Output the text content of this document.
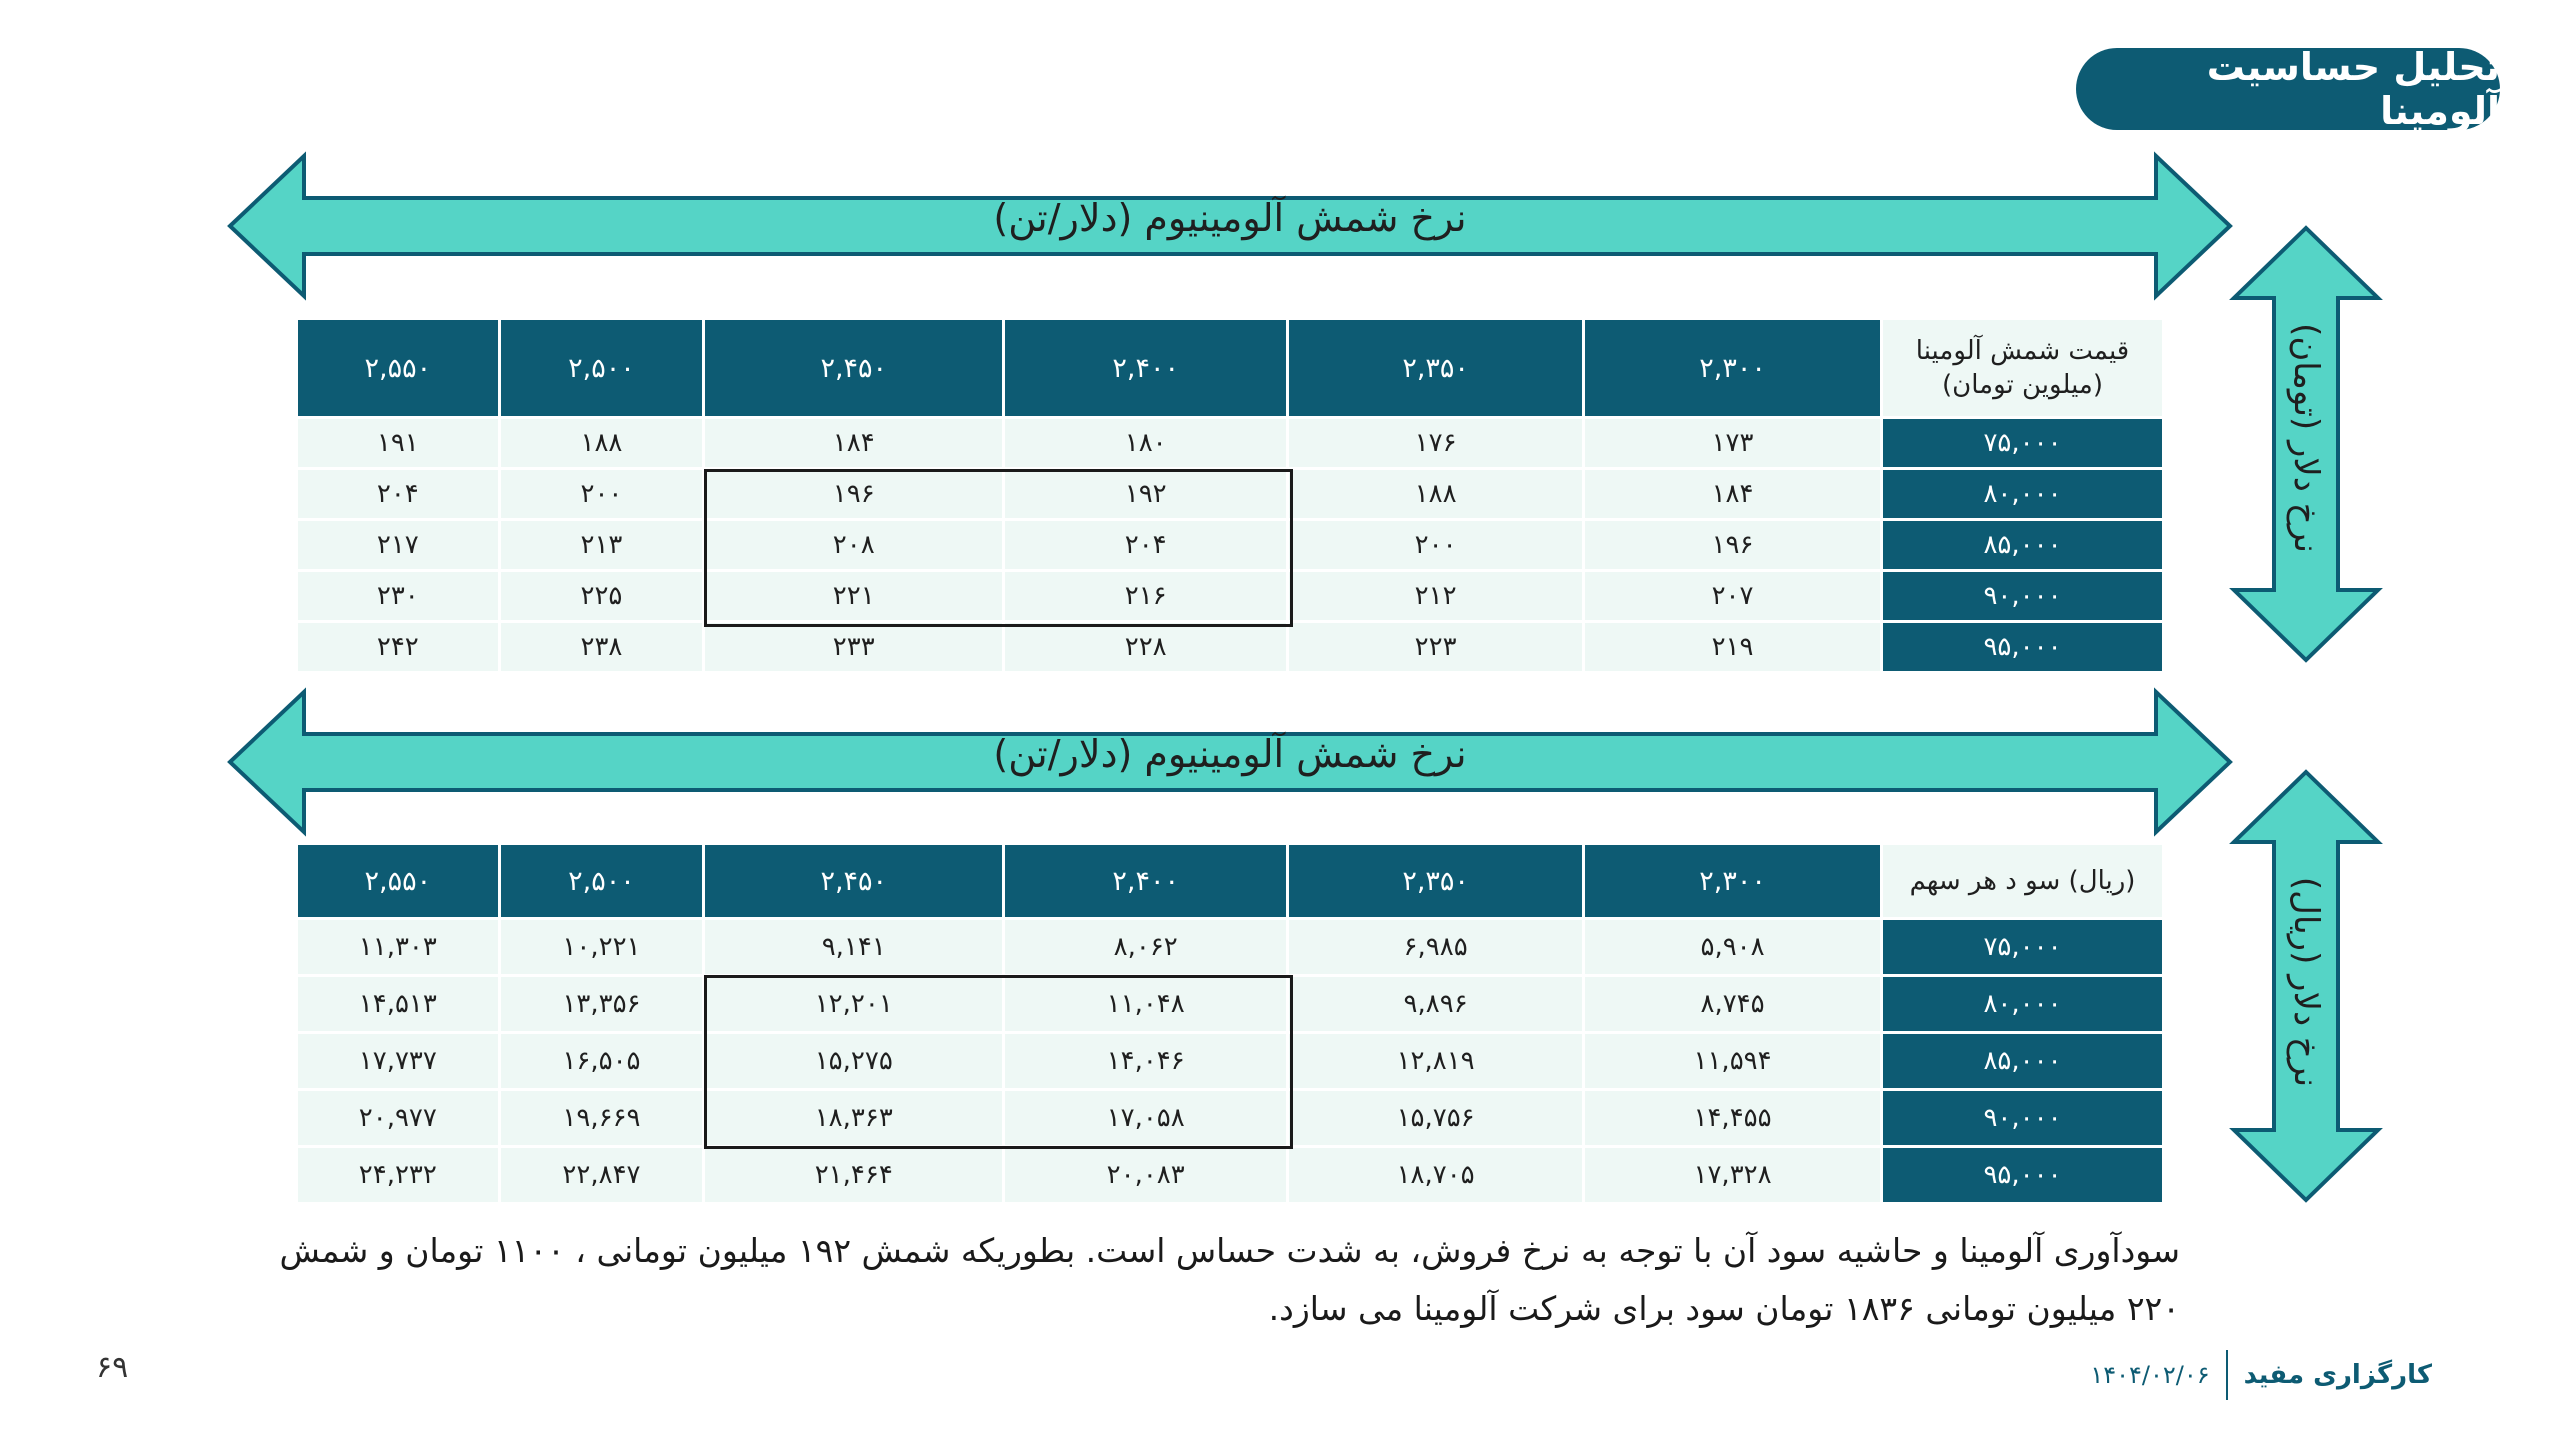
تحلیل حساسیت آلومینا
نرخ شمش آلومینیوم (دلار/تن)
نرخ شمش آلومینیوم (دلار/تن)
نرخ دلار (تومان)
نرخ دلار (ریال)
۲,۵۵۰	۲,۵۰۰	۲,۴۵۰	۲,۴۰۰	۲,۳۵۰	۲,۳۰۰	قیمت شمش آلومینا
(میلوین تومان)

۱۹۱	۱۸۸	۱۸۴	۱۸۰	۱۷۶	۱۷۳	۷۵,۰۰۰
۲۰۴	۲۰۰	۱۹۶	۱۹۲	۱۸۸	۱۸۴	۸۰,۰۰۰
۲۱۷	۲۱۳	۲۰۸	۲۰۴	۲۰۰	۱۹۶	۸۵,۰۰۰
۲۳۰	۲۲۵	۲۲۱	۲۱۶	۲۱۲	۲۰۷	۹۰,۰۰۰
۲۴۲	۲۳۸	۲۳۳	۲۲۸	۲۲۳	۲۱۹	۹۵,۰۰۰
۲,۵۵۰	۲,۵۰۰	۲,۴۵۰	۲,۴۰۰	۲,۳۵۰	۲,۳۰۰	(ریال) سو د هر سهم
۱۱,۳۰۳	۱۰,۲۲۱	۹,۱۴۱	۸,۰۶۲	۶,۹۸۵	۵,۹۰۸	۷۵,۰۰۰
۱۴,۵۱۳	۱۳,۳۵۶	۱۲,۲۰۱	۱۱,۰۴۸	۹,۸۹۶	۸,۷۴۵	۸۰,۰۰۰
۱۷,۷۳۷	۱۶,۵۰۵	۱۵,۲۷۵	۱۴,۰۴۶	۱۲,۸۱۹	۱۱,۵۹۴	۸۵,۰۰۰
۲۰,۹۷۷	۱۹,۶۶۹	۱۸,۳۶۳	۱۷,۰۵۸	۱۵,۷۵۶	۱۴,۴۵۵	۹۰,۰۰۰
۲۴,۲۳۲	۲۲,۸۴۷	۲۱,۴۶۴	۲۰,۰۸۳	۱۸,۷۰۵	۱۷,۳۲۸	۹۵,۰۰۰
سودآوری آلومینا و حاشیه سود آن با توجه به نرخ فروش، به شدت حساس است. بطوریکه شمش ۱۹۲ میلیون تومانی ، ۱۱۰۰ تومان و شمش ۲۲۰ میلیون تومانی ۱۸۳۶ تومان سود برای شرکت آلومینا می سازد.
۶۹	کارگزاری مفید
۱۴۰۴/۰۲/۰۶
